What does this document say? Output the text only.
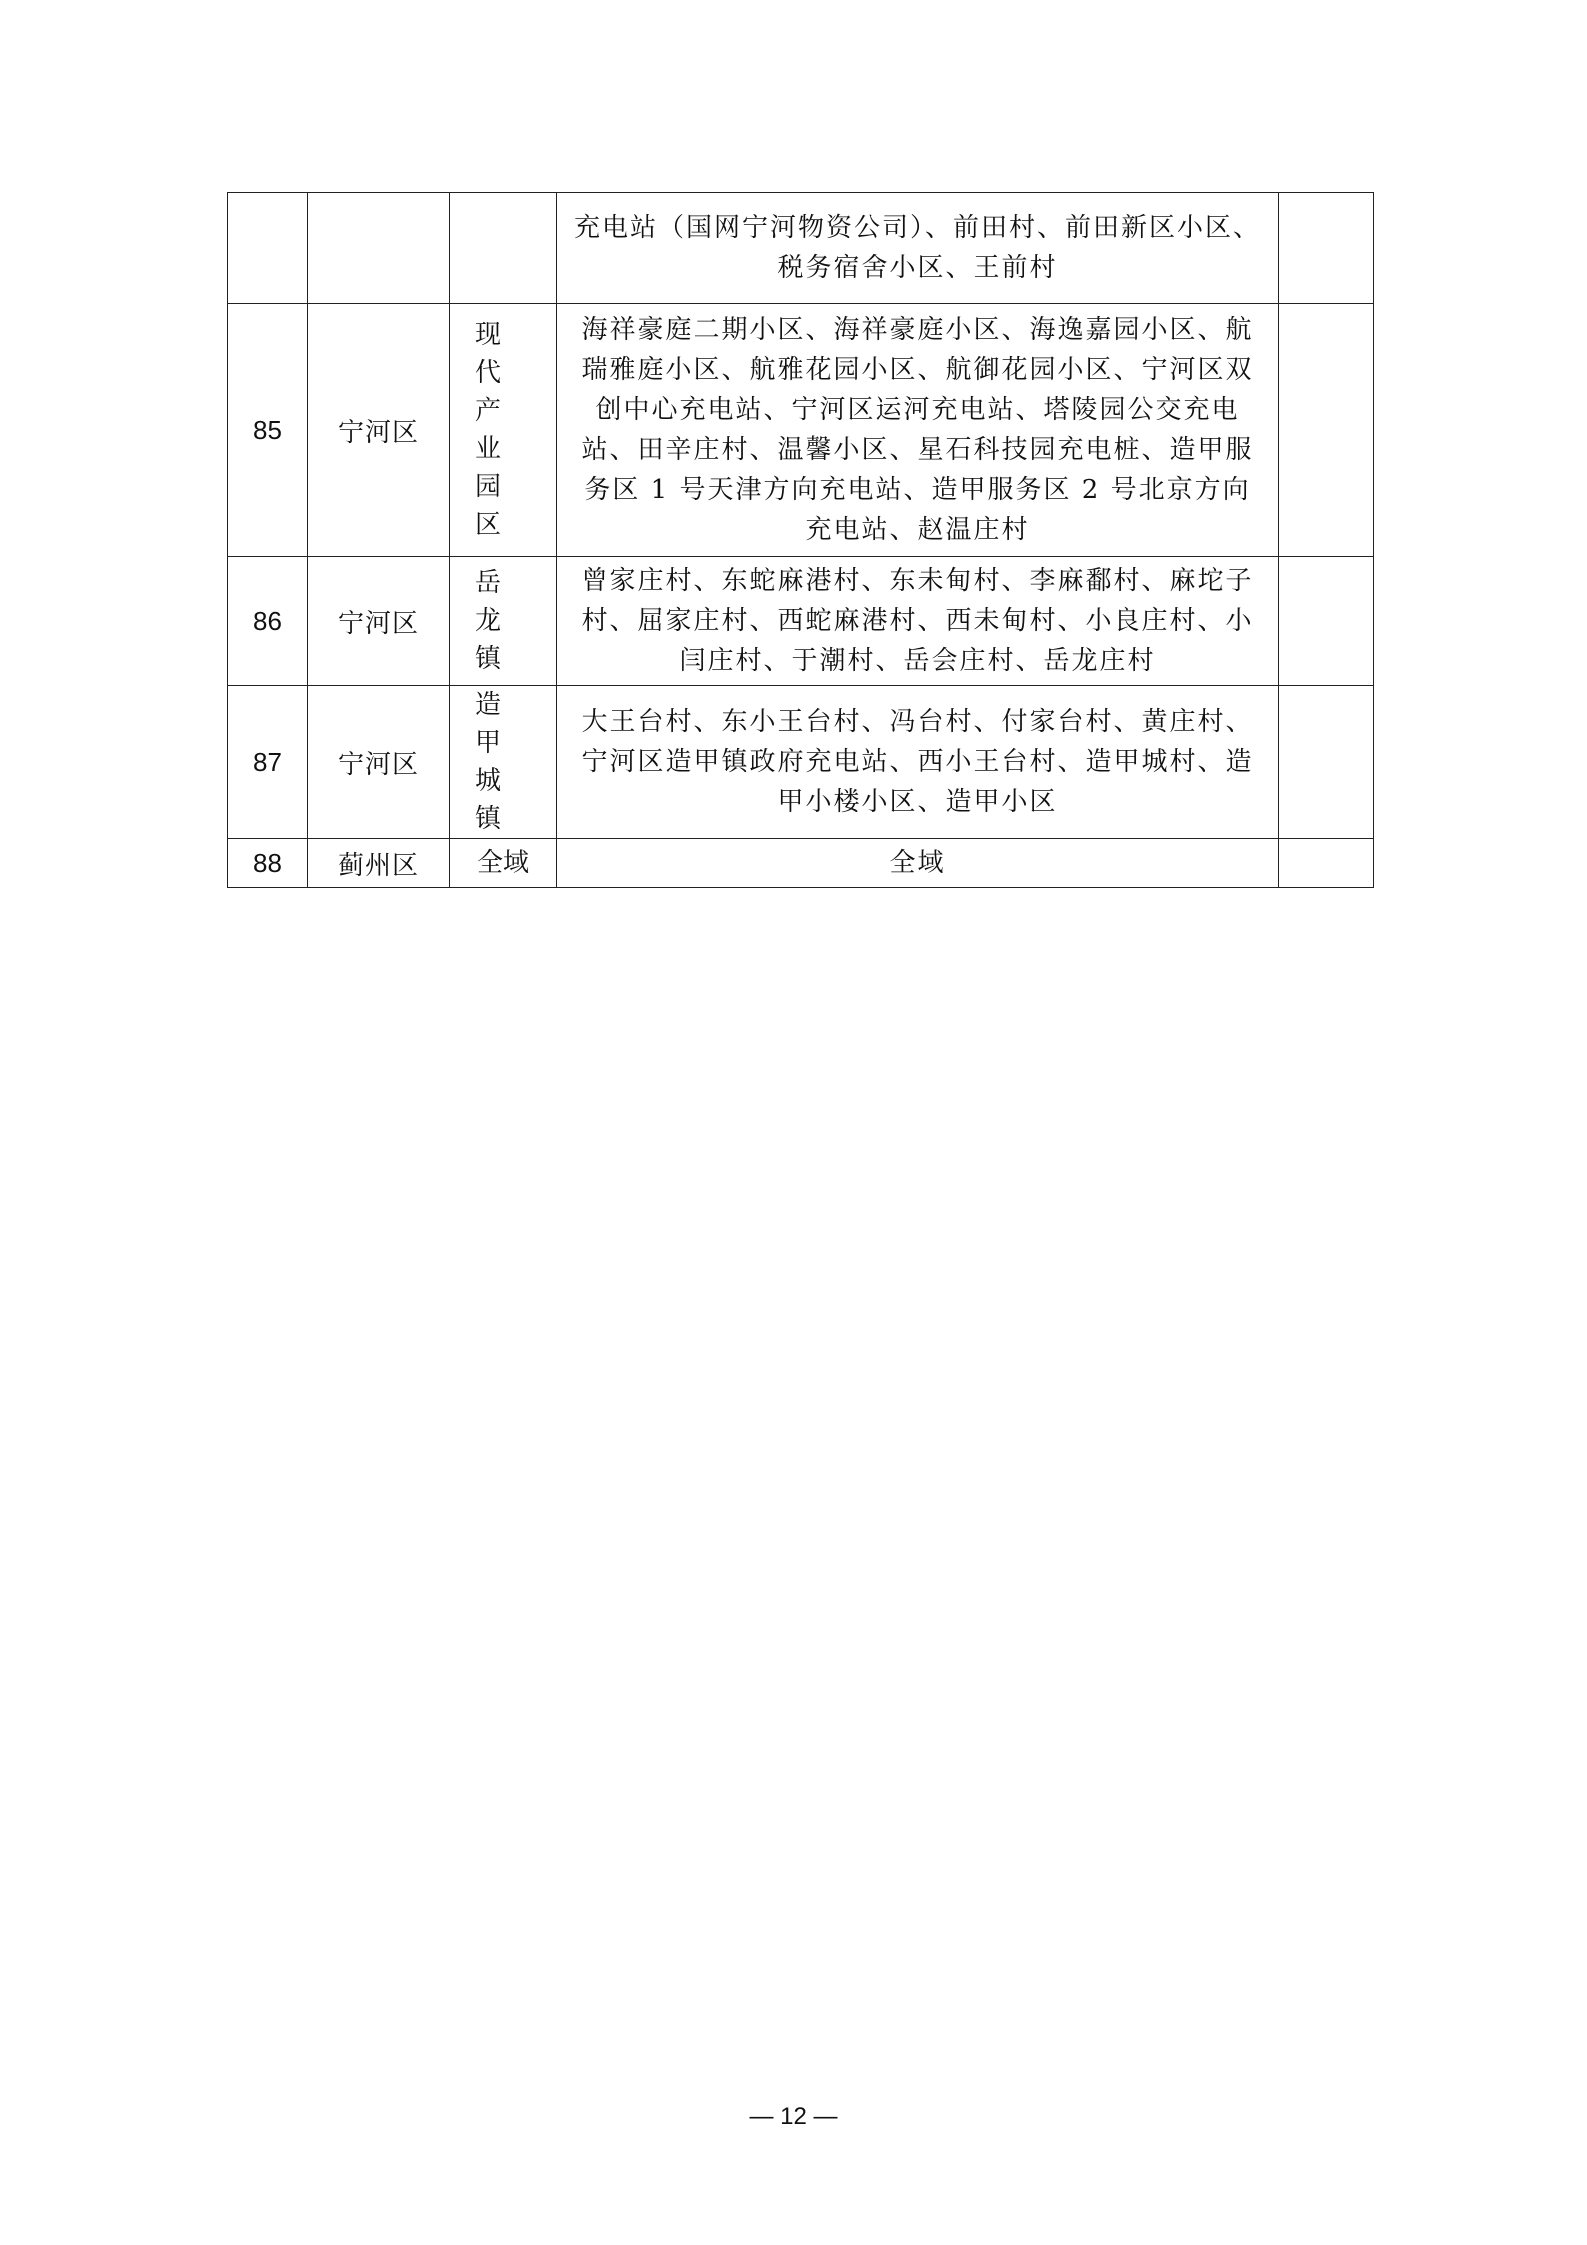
			充电站（国网宁河物资公司）、前田村、前田新区小区、税务宿舍小区、王前村	
85	宁河区	现代产业园区	海祥豪庭二期小区、海祥豪庭小区、海逸嘉园小区、航瑞雅庭小区、航雅花园小区、航御花园小区、宁河区双创中心充电站、宁河区运河充电站、塔陵园公交充电站、田辛庄村、温馨小区、星石科技园充电桩、造甲服务区 1 号天津方向充电站、造甲服务区 2 号北京方向充电站、赵温庄村	
86	宁河区	岳龙镇	曾家庄村、东蛇麻港村、东未甸村、李麻鄱村、麻坨子村、屈家庄村、西蛇麻港村、西未甸村、小良庄村、小闫庄村、于潮村、岳会庄村、岳龙庄村	
87	宁河区	造甲城镇	大王台村、东小王台村、冯台村、付家台村、黄庄村、宁河区造甲镇政府充电站、西小王台村、造甲城村、造甲小楼小区、造甲小区	
88	蓟州区	全域	全域	
— 12 —
